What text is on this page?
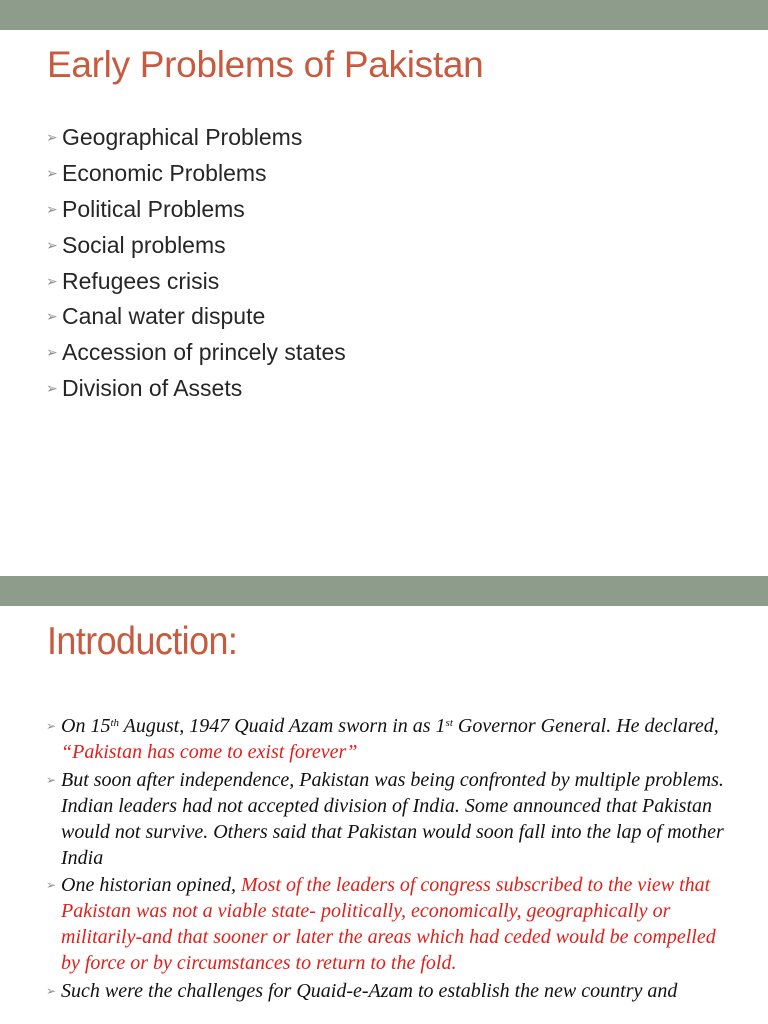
Early Problems of Pakistan
➢ Geographical Problems
➢ Economic Problems
➢ Political Problems
➢ Social problems
➢ Refugees crisis
➢ Canal water dispute
➢ Accession of princely states
➢ Division of Assets
Introduction:
➢ On 15th August, 1947 Quaid Azam sworn in as 1st Governor General. He declared, “Pakistan has come to exist forever”
➢ But soon after independence, Pakistan was being confronted by multiple problems. Indian leaders had not accepted division of India. Some announced that Pakistan would not survive. Others said that Pakistan would soon fall into the lap of mother India
➢ One historian opined, Most of the leaders of congress subscribed to the view that Pakistan was not a viable state- politically, economically, geographically or militarily-and that sooner or later the areas which had ceded would be compelled by force or by circumstances to return to the fold.
➢ Such were the challenges for Quaid-e-Azam to establish the new country and
